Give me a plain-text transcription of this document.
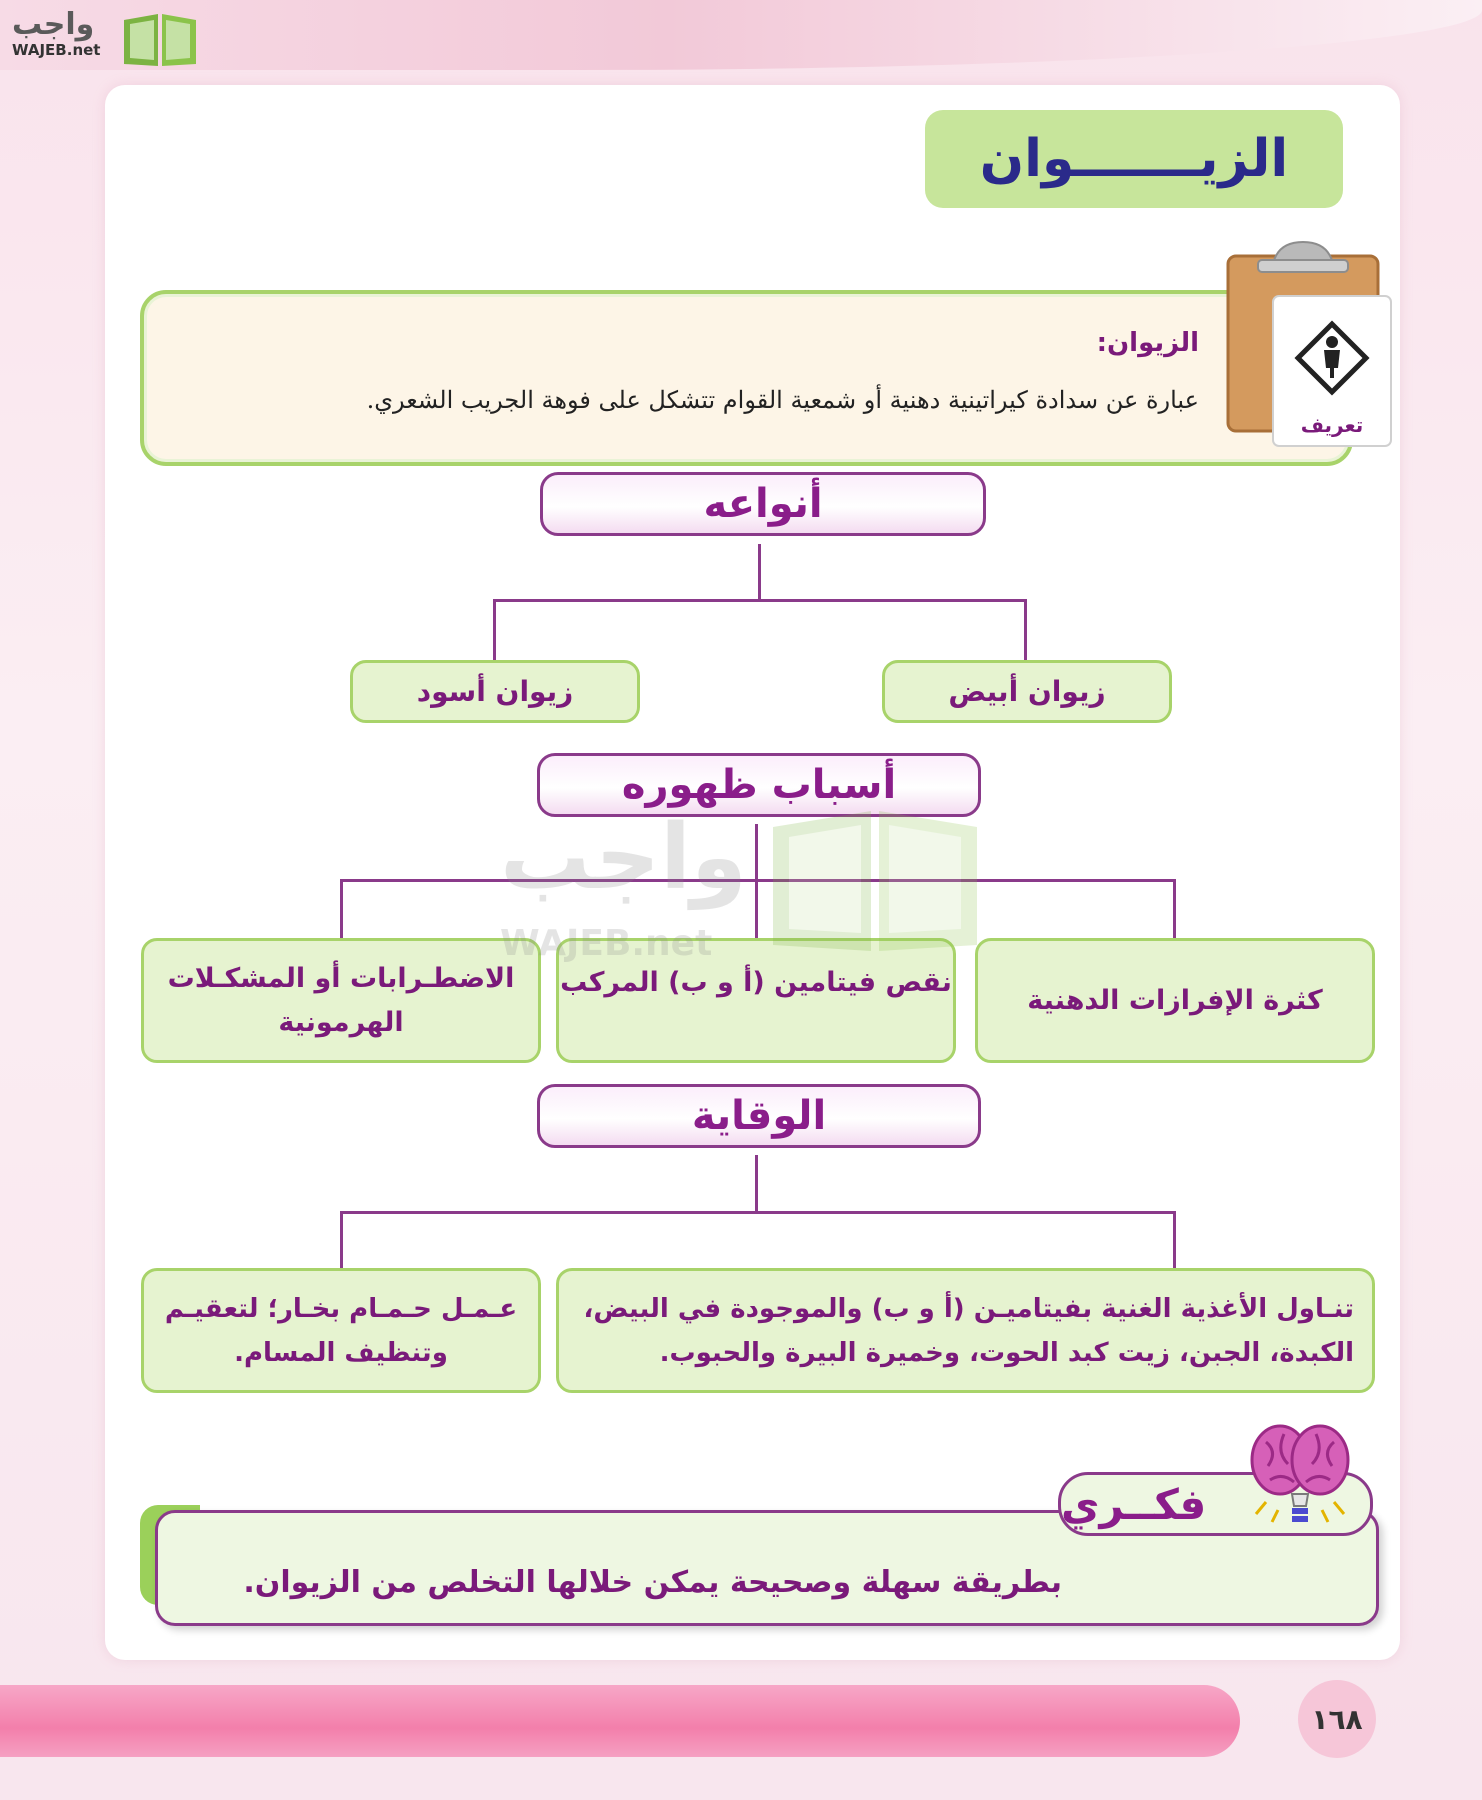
واجب
WAJEB.net
الزيـــــــوان
الزيوان:
عبارة عن سدادة كيراتينية دهنية أو شمعية القوام تتشكل على فوهة الجريب الشعري.
تعريف
أنواعه
زيوان أبيض
زيوان أسود
أسباب ظهوره
كثرة الإفرازات الدهنية
نقص فيتامين (أ و ب) المركب
الاضطـرابات أو المشكـلات الهرمونية
الوقاية
تنـاول الأغذية الغنية بفيتاميـن (أ و ب) والموجودة في البيض، الكبدة، الجبن، زيت كبد الحوت، وخميرة البيرة والحبوب.
عـمـل حـمـام بخـار؛ لتعقيـم وتنظيف المسام.
واجب
WAJEB.net
بطريقة سهلة وصحيحة يمكن خلالها التخلص من الزيوان.
فكــري
١٦٨
